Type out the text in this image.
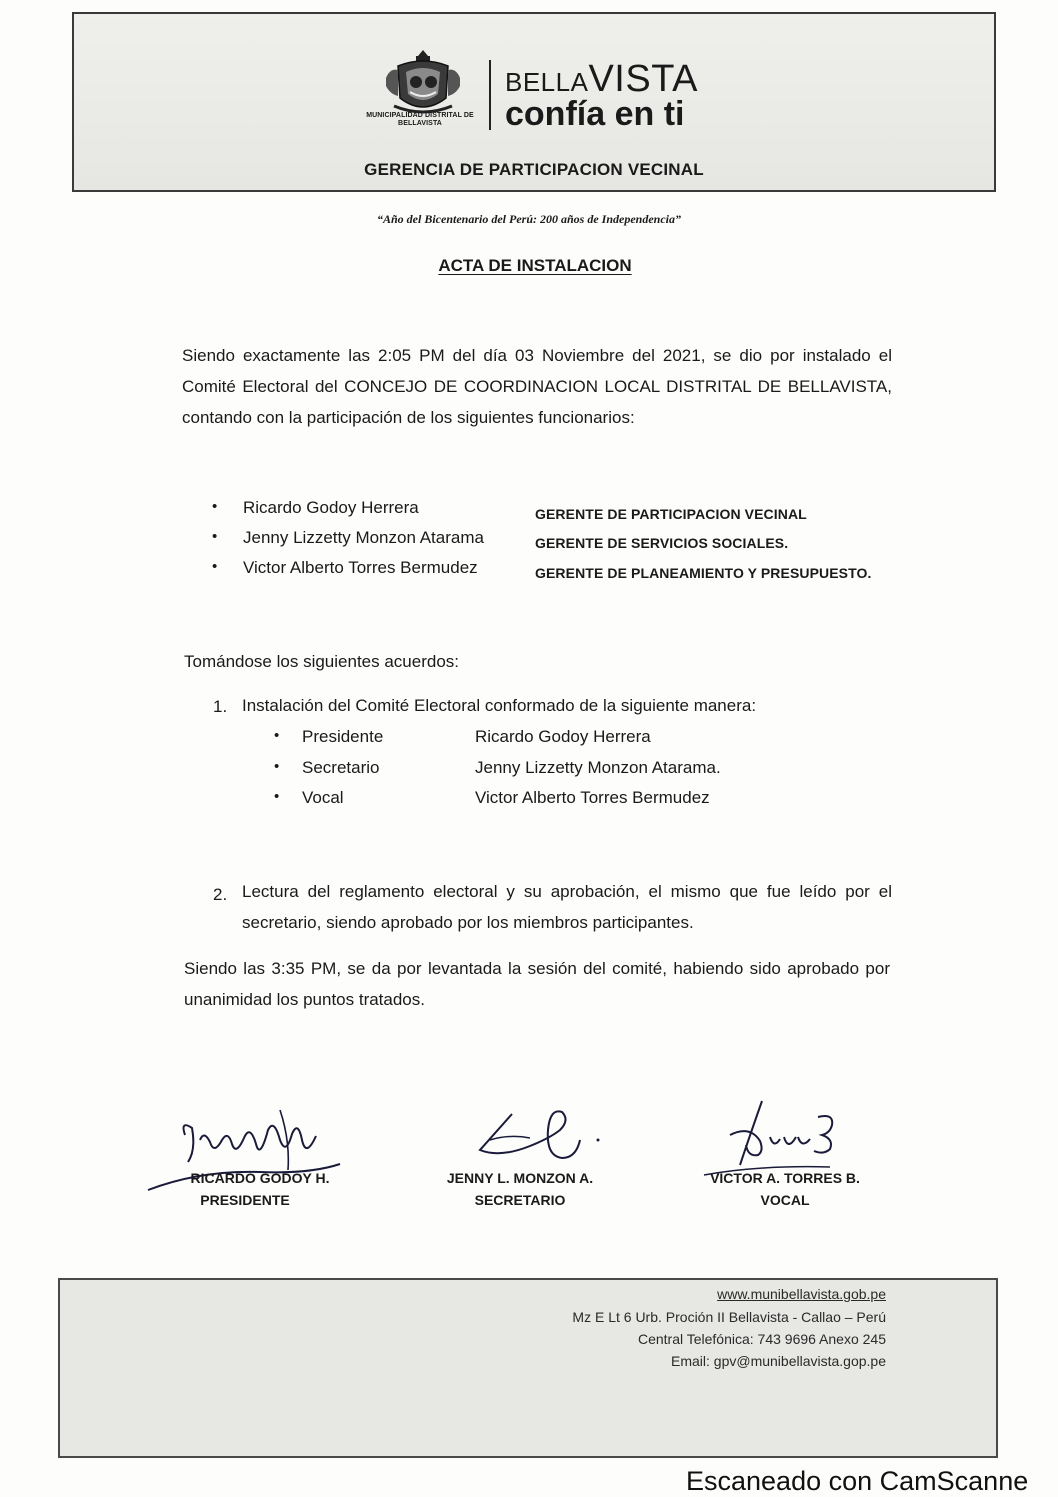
MUNICIPALIDAD DISTRITAL DE BELLAVISTA
BELLAVISTA
confía en ti
GERENCIA DE PARTICIPACION VECINAL
“Año del Bicentenario del Perú: 200 años de Independencia”
ACTA DE INSTALACION
Siendo exactamente las 2:05 PM del día 03 Noviembre del 2021, se dio por instalado el Comité Electoral del CONCEJO DE COORDINACION LOCAL DISTRITAL DE BELLAVISTA, contando con la participación de los siguientes funcionarios:
• Ricardo Godoy Herrera	GERENTE DE PARTICIPACION VECINAL
• Jenny Lizzetty Monzon Atarama	GERENTE DE SERVICIOS SOCIALES.
• Victor Alberto Torres Bermudez	GERENTE DE PLANEAMIENTO Y PRESUPUESTO.
Tomándose los siguientes acuerdos:
1. Instalación del Comité Electoral conformado de la siguiente manera:
• Presidente	Ricardo Godoy Herrera
• Secretario	Jenny Lizzetty Monzon Atarama.
• Vocal	Victor Alberto Torres Bermudez
2. Lectura del reglamento electoral y su aprobación, el mismo que fue leído por el secretario, siendo aprobado por los miembros participantes.
Siendo las 3:35 PM, se da por levantada la sesión del comité, habiendo sido aprobado por unanimidad los puntos tratados.
RICARDO GODOY H.
PRESIDENTE
JENNY L. MONZON A.
SECRETARIO
VICTOR A. TORRES B.
VOCAL
www.munibellavista.gob.pe
Mz E Lt 6 Urb. Proción II Bellavista - Callao – Perú
Central Telefónica: 743 9696 Anexo 245
Email: gpv@munibellavista.gop.pe
Escaneado con CamScanne
